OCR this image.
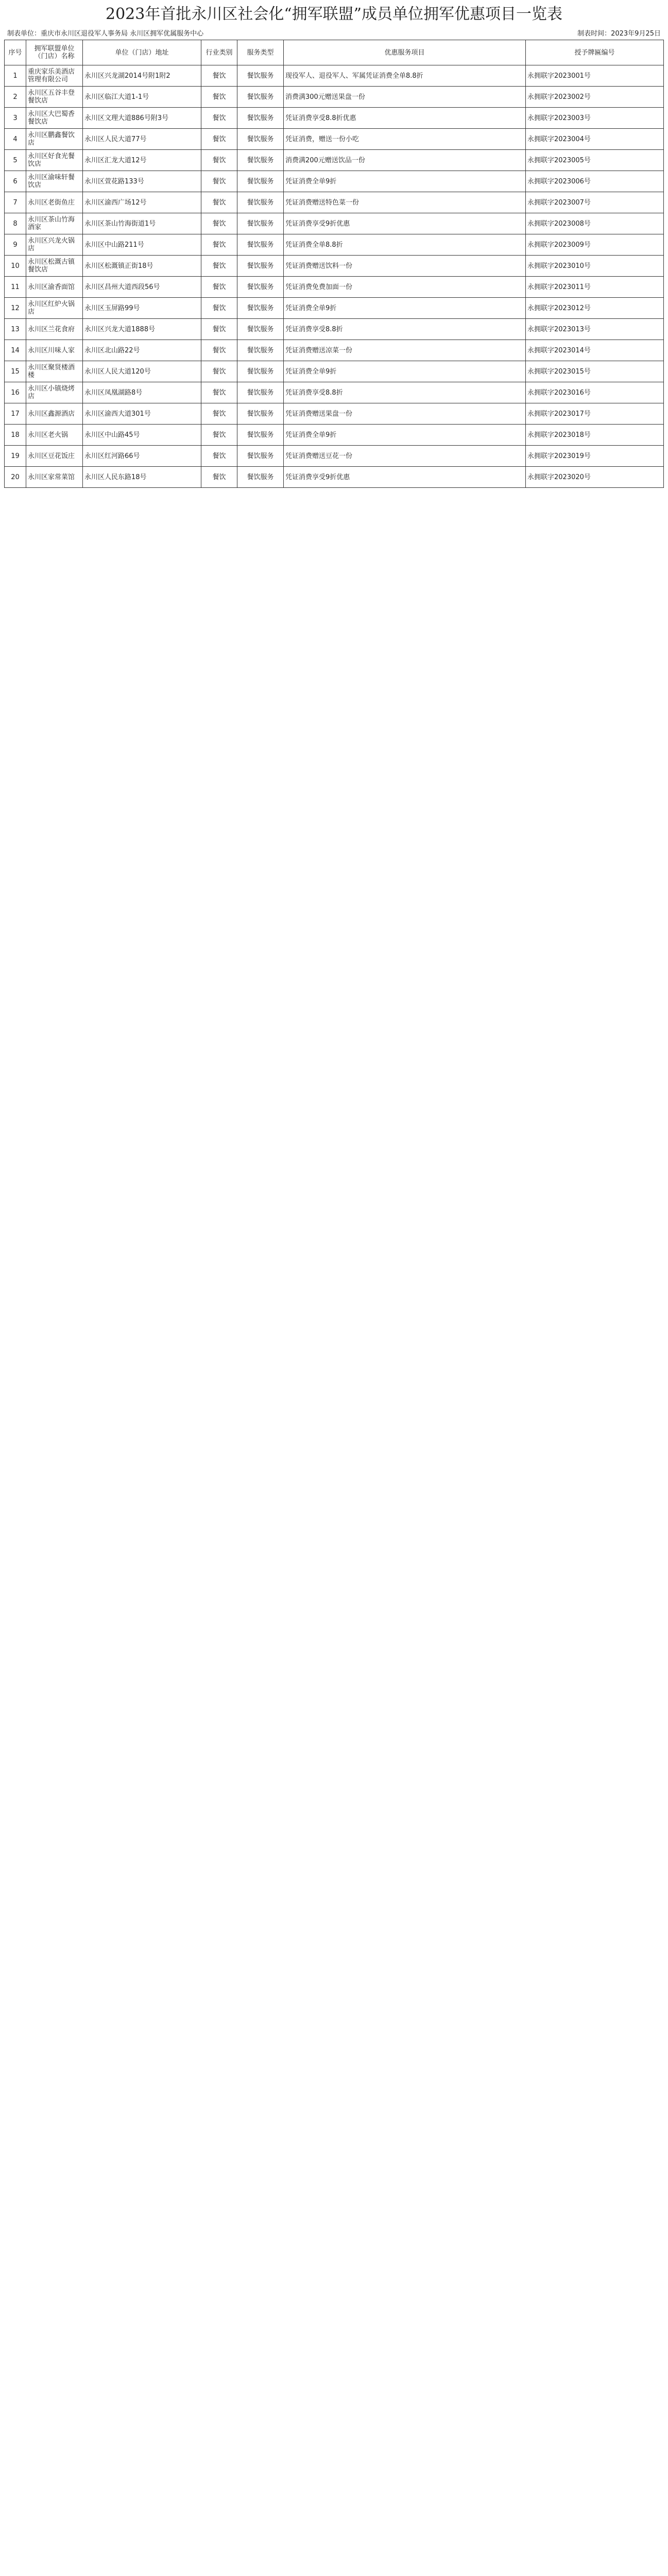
2023年首批永川区社会化“拥军联盟”成员单位拥军优惠项目一览表
制表单位：重庆市永川区退役军人事务局 永川区拥军优属服务中心	制表时间：2023年9月25日
序号	拥军联盟单位（门店）名称	单位（门店）地址	行业类别	服务类型	优惠服务项目	授予牌匾编号
1	重庆家乐美酒店管理有限公司	永川区兴龙湖2014号附1附2	餐饮	餐饮服务	现役军人、退役军人、军属凭证消费全单8.8折	永拥联字2023001号
2	永川区五谷丰登餐饮店	永川区临江大道1-1号	餐饮	餐饮服务	消费满300元赠送果盘一份	永拥联字2023002号
3	永川区大巴蜀香餐饮店	永川区文理大道886号附3号	餐饮	餐饮服务	凭证消费享受8.8折优惠	永拥联字2023003号
4	永川区鹏鑫餐饮店	永川区人民大道77号	餐饮	餐饮服务	凭证消费，赠送一份小吃	永拥联字2023004号
5	永川区好食光餐饮店	永川区汇龙大道12号	餐饮	餐饮服务	消费满200元赠送饮品一份	永拥联字2023005号
6	永川区渝味轩餐饮店	永川区萱花路133号	餐饮	餐饮服务	凭证消费全单9折	永拥联字2023006号
7	永川区老街鱼庄	永川区渝西广场12号	餐饮	餐饮服务	凭证消费赠送特色菜一份	永拥联字2023007号
8	永川区茶山竹海酒家	永川区茶山竹海街道1号	餐饮	餐饮服务	凭证消费享受9折优惠	永拥联字2023008号
9	永川区兴龙火锅店	永川区中山路211号	餐饮	餐饮服务	凭证消费全单8.8折	永拥联字2023009号
10	永川区松溉古镇餐饮店	永川区松溉镇正街18号	餐饮	餐饮服务	凭证消费赠送饮料一份	永拥联字2023010号
11	永川区渝香面馆	永川区昌州大道西段56号	餐饮	餐饮服务	凭证消费免费加面一份	永拥联字2023011号
12	永川区红炉火锅店	永川区玉屏路99号	餐饮	餐饮服务	凭证消费全单9折	永拥联字2023012号
13	永川区兰花食府	永川区兴龙大道1888号	餐饮	餐饮服务	凭证消费享受8.8折	永拥联字2023013号
14	永川区川味人家	永川区北山路22号	餐饮	餐饮服务	凭证消费赠送凉菜一份	永拥联字2023014号
15	永川区聚贤楼酒楼	永川区人民大道120号	餐饮	餐饮服务	凭证消费全单9折	永拥联字2023015号
16	永川区小镇烧烤店	永川区凤凰湖路8号	餐饮	餐饮服务	凭证消费享受8.8折	永拥联字2023016号
17	永川区鑫源酒店	永川区渝西大道301号	餐饮	餐饮服务	凭证消费赠送果盘一份	永拥联字2023017号
18	永川区老火锅	永川区中山路45号	餐饮	餐饮服务	凭证消费全单9折	永拥联字2023018号
19	永川区豆花饭庄	永川区红河路66号	餐饮	餐饮服务	凭证消费赠送豆花一份	永拥联字2023019号
20	永川区家常菜馆	永川区人民东路18号	餐饮	餐饮服务	凭证消费享受9折优惠	永拥联字2023020号
